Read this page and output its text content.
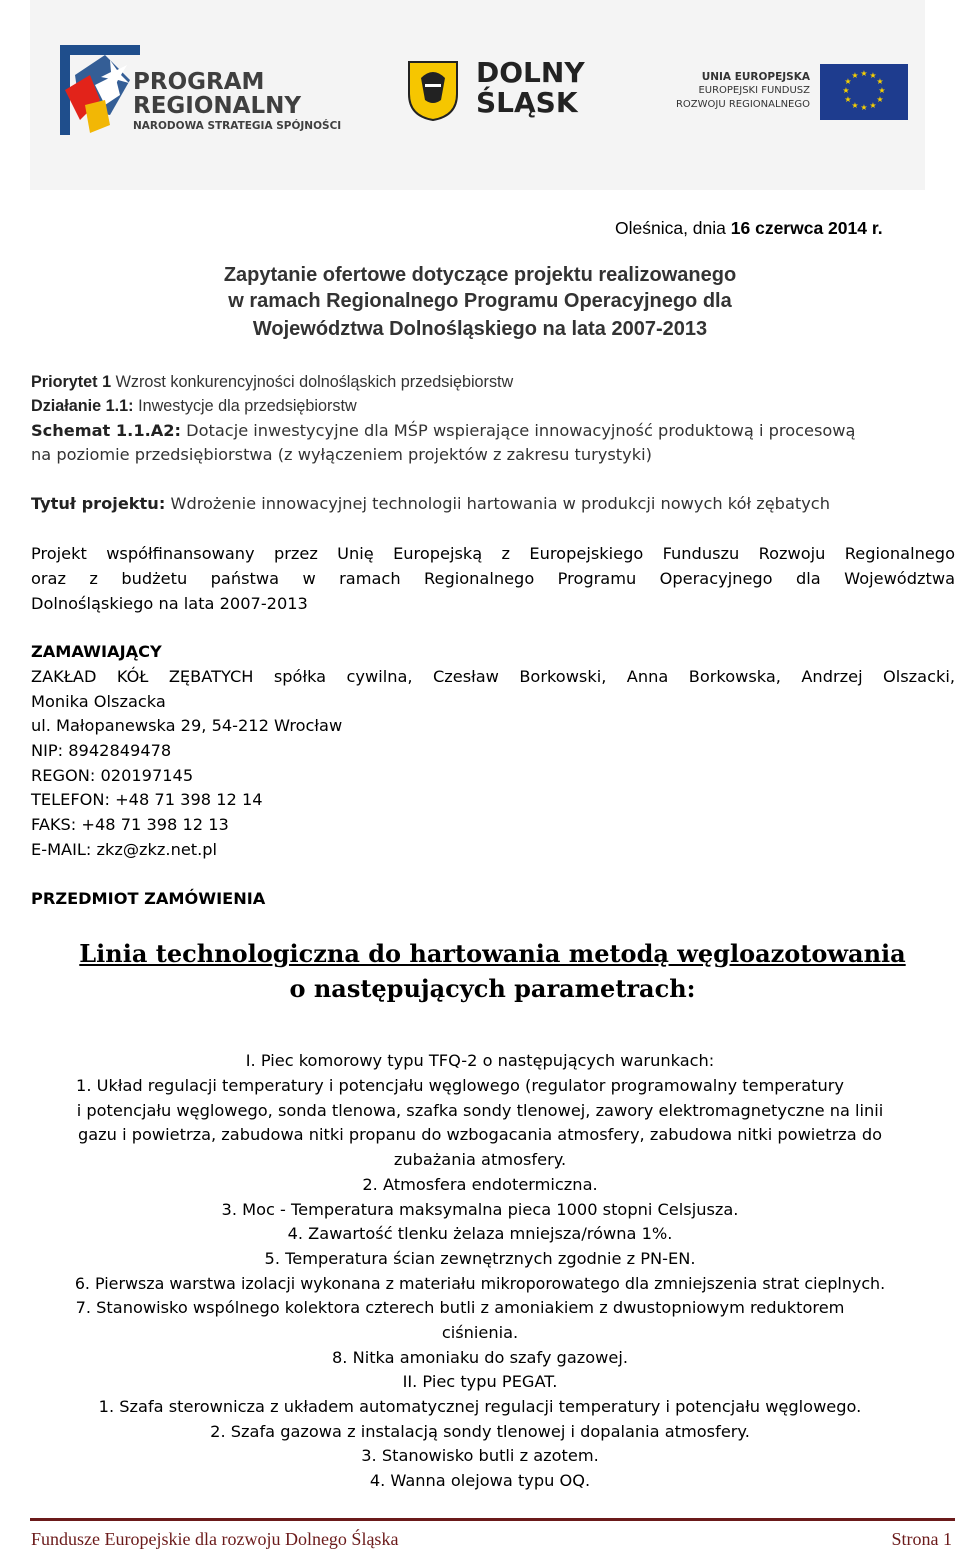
PROGRAM
REGIONALNY
NARODOWA STRATEGIA SPÓJNOŚCI
DOLNY
ŚLĄSK
UNIA EUROPEJSKA
EUROPEJSKI FUNDUSZ
ROZWOJU REGIONALNEGO
★ ★
★
★
★
★
★
★
★
★
★
★
Oleśnica, dnia 16 czerwca 2014 r.
Zapytanie ofertowe dotyczące projektu realizowanego
w ramach Regionalnego Programu Operacyjnego dla
Województwa Dolnośląskiego na lata 2007-2013
Priorytet 1 Wzrost konkurencyjności dolnośląskich przedsiębiorstw
Działanie 1.1: Inwestycje dla przedsiębiorstw
Schemat 1.1.A2: Dotacje inwestycyjne dla MŚP wspierające innowacyjność produktową i procesową
na poziomie przedsiębiorstwa (z wyłączeniem projektów z zakresu turystyki)
Tytuł projektu: Wdrożenie innowacyjnej technologii hartowania w produkcji nowych kół zębatych
Projekt współfinansowany przez Unię Europejską z Europejskiego Funduszu Rozwoju Regionalnego
oraz z budżetu państwa w ramach Regionalnego Programu Operacyjnego dla Województwa
Dolnośląskiego na lata 2007-2013
ZAMAWIAJĄCY
ZAKŁAD KÓŁ ZĘBATYCH spółka cywilna, Czesław Borkowski, Anna Borkowska, Andrzej Olszacki,
Monika Olszacka
ul. Małopanewska 29, 54-212 Wrocław
NIP: 8942849478
REGON: 020197145
TELEFON: +48 71 398 12 14
FAKS: +48 71 398 12 13
E-MAIL: zkz@zkz.net.pl
PRZEDMIOT ZAMÓWIENIA
Linia technologiczna do hartowania metodą węgloazotowania
o następujących parametrach:
I. Piec komorowy typu TFQ-2 o następujących warunkach:
1. Układ regulacji temperatury i potencjału węglowego (regulator programowalny temperatury
i potencjału węglowego, sonda tlenowa, szafka sondy tlenowej, zawory elektromagnetyczne na linii
gazu i powietrza, zabudowa nitki propanu do wzbogacania atmosfery, zabudowa nitki powietrza do
zubażania atmosfery.
2. Atmosfera endotermiczna.
3. Moc - Temperatura maksymalna pieca 1000 stopni Celsjusza.
4. Zawartość tlenku żelaza mniejsza/równa 1%.
5. Temperatura ścian zewnętrznych zgodnie z PN-EN.
6. Pierwsza warstwa izolacji wykonana z materiału mikroporowatego dla zmniejszenia strat cieplnych.
7. Stanowisko wspólnego kolektora czterech butli z amoniakiem z dwustopniowym reduktorem
ciśnienia.
8. Nitka amoniaku do szafy gazowej.
II. Piec typu PEGAT.
1. Szafa sterownicza z układem automatycznej regulacji temperatury i potencjału węglowego.
2. Szafa gazowa z instalacją sondy tlenowej i dopalania atmosfery.
3. Stanowisko butli z azotem.
4. Wanna olejowa typu OQ.
Fundusze Europejskie dla rozwoju Dolnego Śląska	Strona 1
